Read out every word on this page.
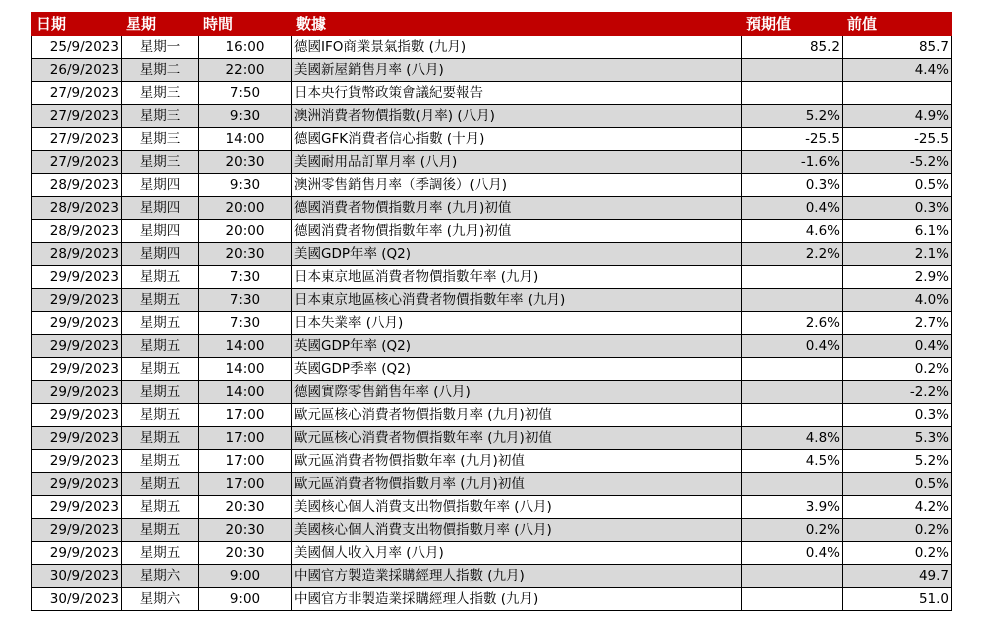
日期	星期	時間	數據	預期值	前值
25/9/2023	星期一	16:00	德國IFO商業景氣指數 (九月)	85.2	85.7
26/9/2023	星期二	22:00	美國新屋銷售月率 (八月)		4.4%
27/9/2023	星期三	7:50	日本央行貨幣政策會議紀要報告		
27/9/2023	星期三	9:30	澳洲消費者物價指數(月率) (八月)	5.2%	4.9%
27/9/2023	星期三	14:00	德國GFK消費者信心指數 (十月)	-25.5	-25.5
27/9/2023	星期三	20:30	美國耐用品訂單月率 (八月)	-1.6%	-5.2%
28/9/2023	星期四	9:30	澳洲零售銷售月率（季調後）(八月)	0.3%	0.5%
28/9/2023	星期四	20:00	德國消費者物價指數月率 (九月)初值	0.4%	0.3%
28/9/2023	星期四	20:00	德國消費者物價指數年率 (九月)初值	4.6%	6.1%
28/9/2023	星期四	20:30	美國GDP年率 (Q2)	2.2%	2.1%
29/9/2023	星期五	7:30	日本東京地區消費者物價指數年率 (九月)		2.9%
29/9/2023	星期五	7:30	日本東京地區核心消費者物價指數年率 (九月)		4.0%
29/9/2023	星期五	7:30	日本失業率 (八月)	2.6%	2.7%
29/9/2023	星期五	14:00	英國GDP年率 (Q2)	0.4%	0.4%
29/9/2023	星期五	14:00	英國GDP季率 (Q2)		0.2%
29/9/2023	星期五	14:00	德國實際零售銷售年率 (八月)		-2.2%
29/9/2023	星期五	17:00	歐元區核心消費者物價指數月率 (九月)初值		0.3%
29/9/2023	星期五	17:00	歐元區核心消費者物價指數年率 (九月)初值	4.8%	5.3%
29/9/2023	星期五	17:00	歐元區消費者物價指數年率 (九月)初值	4.5%	5.2%
29/9/2023	星期五	17:00	歐元區消費者物價指數月率 (九月)初值		0.5%
29/9/2023	星期五	20:30	美國核心個人消費支出物價指數年率 (八月)	3.9%	4.2%
29/9/2023	星期五	20:30	美國核心個人消費支出物價指數月率 (八月)	0.2%	0.2%
29/9/2023	星期五	20:30	美國個人收入月率 (八月)	0.4%	0.2%
30/9/2023	星期六	9:00	中國官方製造業採購經理人指數 (九月)		49.7
30/9/2023	星期六	9:00	中國官方非製造業採購經理人指數 (九月)		51.0
